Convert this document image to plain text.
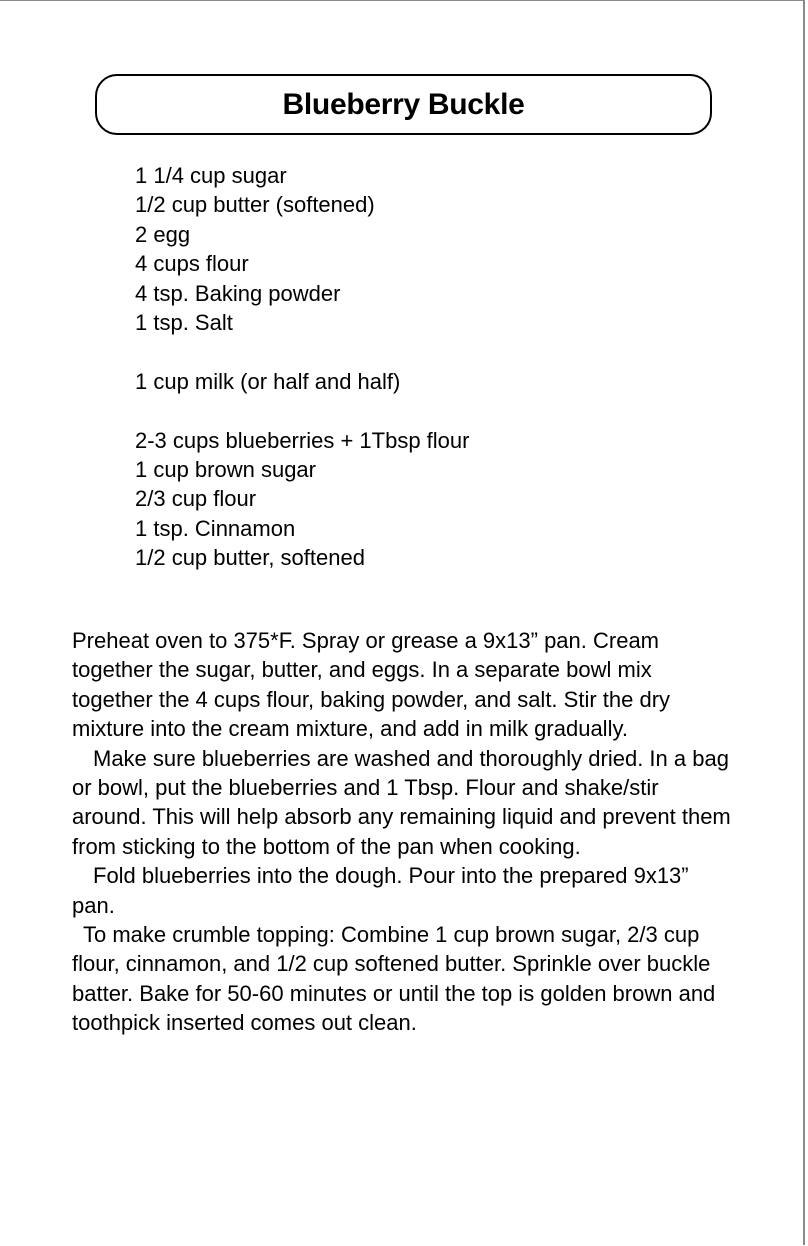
Blueberry Buckle
1 1/4 cup sugar
1/2 cup butter (softened)
2 egg
4 cups flour
4 tsp. Baking powder
1 tsp. Salt
1 cup milk (or half and half)
2-3 cups blueberries + 1Tbsp flour
1 cup brown sugar
2/3 cup flour
1 tsp. Cinnamon
1/2 cup butter, softened

Preheat oven to 375*F. Spray or grease a 9x13” pan. Cream together the sugar, butter, and eggs. In a separate bowl mix together the 4 cups flour, baking powder, and salt. Stir the dry mixture into the cream mixture, and add in milk gradually.

Make sure blueberries are washed and thoroughly dried. In a bag or bowl, put the blueberries and 1 Tbsp. Flour and shake/stir around. This will help absorb any remaining liquid and prevent them from sticking to the bottom of the pan when cooking.

Fold blueberries into the dough. Pour into the prepared 9x13” pan.

To make crumble topping: Combine 1 cup brown sugar, 2/3 cup flour, cinnamon, and 1/2 cup softened butter. Sprinkle over buckle batter. Bake for 50-60 minutes or until the top is golden brown and toothpick inserted comes out clean.
